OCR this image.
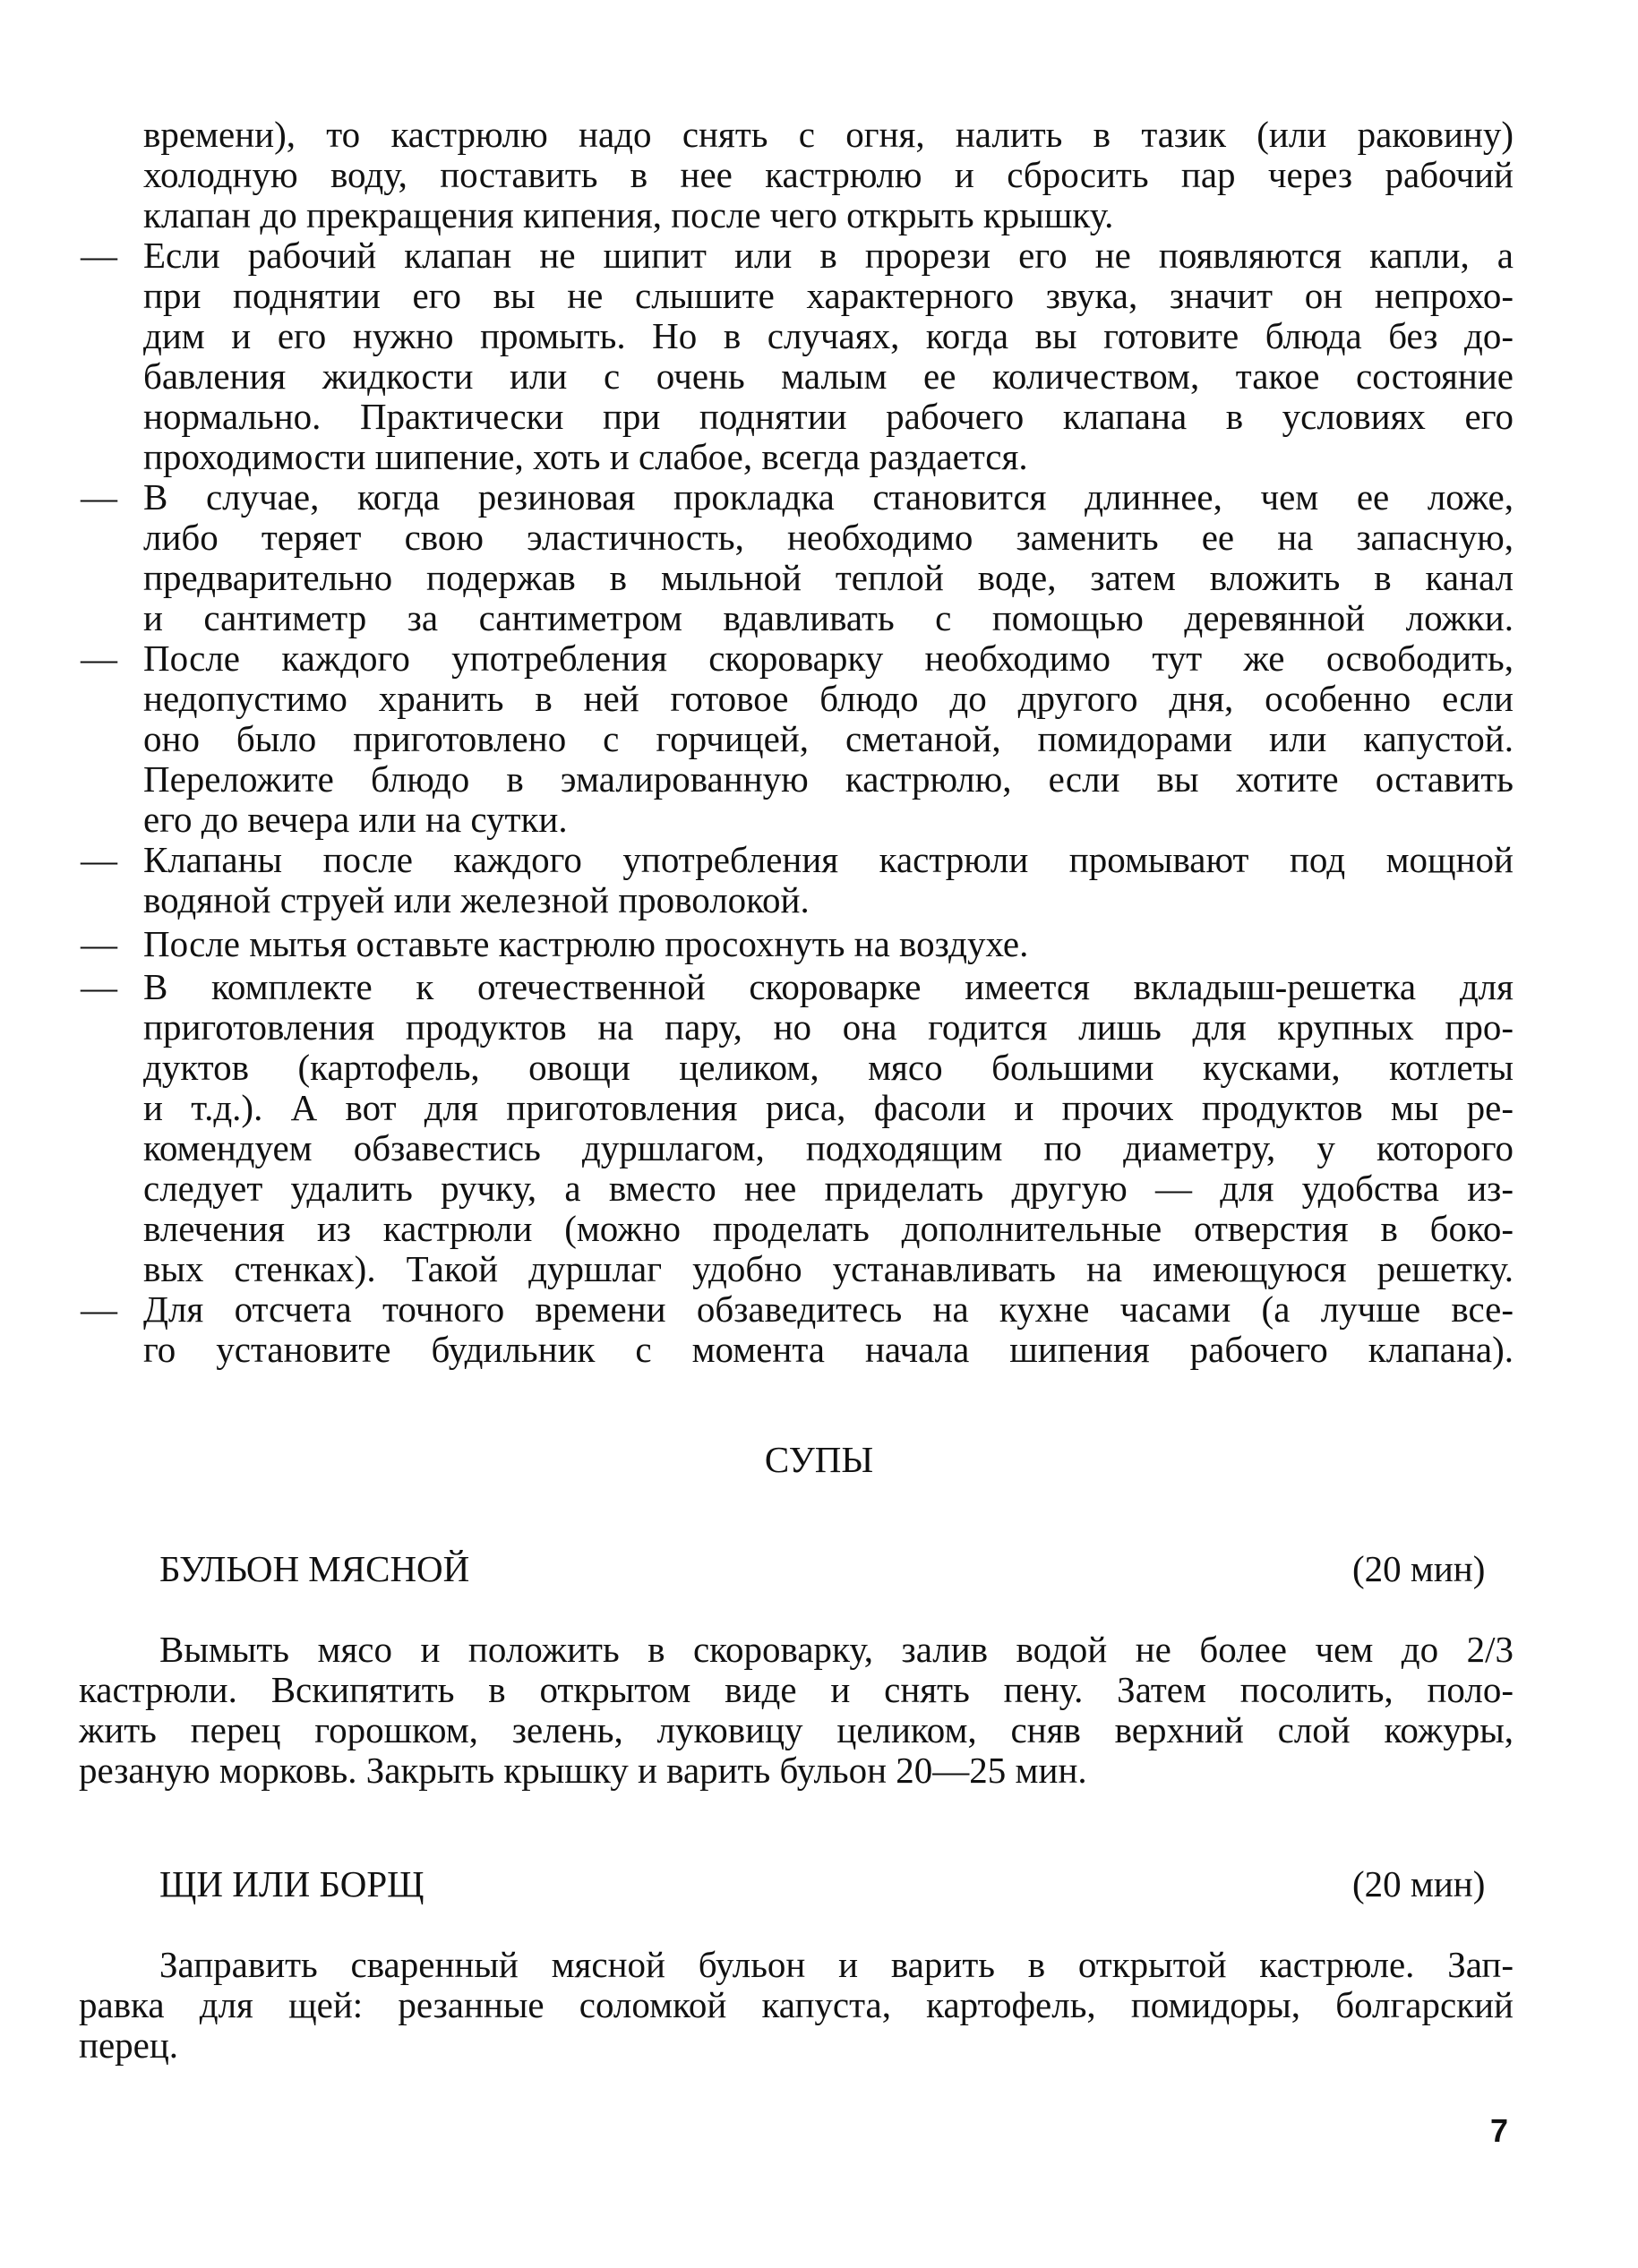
времени), то кастрюлю надо снять с огня, налить в тазик (или раковину)
холодную воду, поставить в нее кастрюлю и сбросить пар через рабочий
клапан до прекращения кипения, после чего открыть крышку.
— Если рабочий клапан не шипит или в прорези его не появляются капли, а
при поднятии его вы не слышите характерного звука, значит он непрохо-
дим и его нужно промыть. Но в случаях, когда вы готовите блюда без до-
бавления жидкости или с очень малым ее количеством, такое состояние
нормально. Практически при поднятии рабочего клапана в условиях его
проходимости шипение, хоть и слабое, всегда раздается.
— В случае, когда резиновая прокладка становится длиннее, чем ее ложе,
либо теряет свою эластичность, необходимо заменить ее на запасную,
предварительно подержав в мыльной теплой воде, затем вложить в канал
и сантиметр за сантиметром вдавливать с помощью деревянной ложки.
— После каждого употребления скороварку необходимо тут же освободить,
недопустимо хранить в ней готовое блюдо до другого дня, особенно если
оно было приготовлено с горчицей, сметаной, помидорами или капустой.
Переложите блюдо в эмалированную кастрюлю, если вы хотите оставить
его до вечера или на сутки.
— Клапаны после каждого употребления кастрюли промывают под мощной
водяной струей или железной проволокой.
— После мытья оставьте кастрюлю просохнуть на воздухе.
— В комплекте к отечественной скороварке имеется вкладыш-решетка для
приготовления продуктов на пару, но она годится лишь для крупных про-
дуктов (картофель, овощи целиком, мясо большими кусками, котлеты
и т.д.). А вот для приготовления риса, фасоли и прочих продуктов мы ре-
комендуем обзавестись дуршлагом, подходящим по диаметру, у которого
следует удалить ручку, а вместо нее приделать другую — для удобства из-
влечения из кастрюли (можно проделать дополнительные отверстия в боко-
вых стенках). Такой дуршлаг удобно устанавливать на имеющуюся решетку.
— Для отсчета точного времени обзаведитесь на кухне часами (а лучше все-
го установите будильник с момента начала шипения рабочего клапана).
СУПЫ
БУЛЬОН МЯСНОЙ	(20 мин)
Вымыть мясо и положить в скороварку, залив водой не более чем до 2/3
кастрюли. Вскипятить в открытом виде и снять пену. Затем посолить, поло-
жить перец горошком, зелень, луковицу целиком, сняв верхний слой кожуры,
резаную морковь. Закрыть крышку и варить бульон 20—25 мин.
ЩИ ИЛИ БОРЩ	(20 мин)
Заправить сваренный мясной бульон и варить в открытой кастрюле. Зап-
равка для щей: резанные соломкой капуста, картофель, помидоры, болгарский
перец.
7
